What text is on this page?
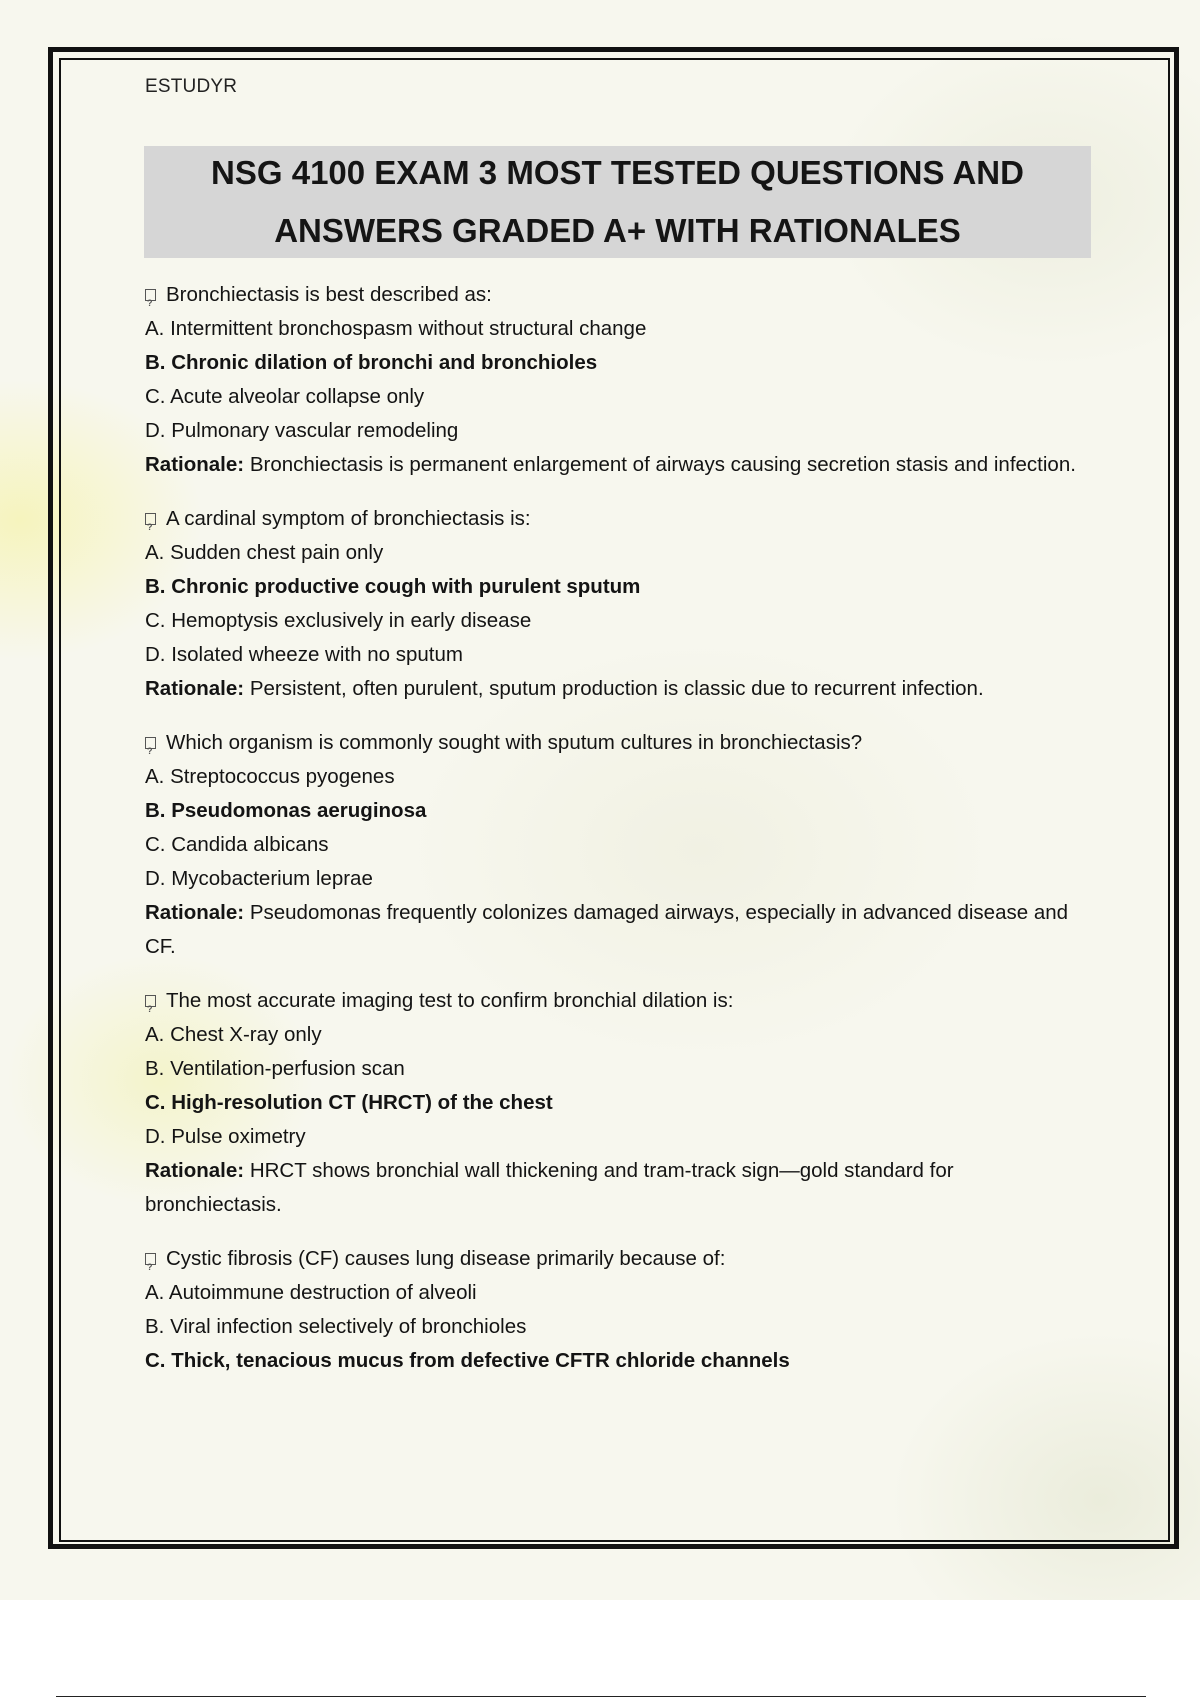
ESTUDYR
NSG 4100 EXAM 3 MOST TESTED QUESTIONS AND
ANSWERS GRADED A+ WITH RATIONALES
?
Bronchiectasis is best described as:
A. Intermittent bronchospasm without structural change
B. Chronic dilation of bronchi and bronchioles
C. Acute alveolar collapse only
D. Pulmonary vascular remodeling
Rationale: Bronchiectasis is permanent enlargement of airways causing secretion stasis and infection.
?
A cardinal symptom of bronchiectasis is:
A. Sudden chest pain only
B. Chronic productive cough with purulent sputum
C. Hemoptysis exclusively in early disease
D. Isolated wheeze with no sputum
Rationale: Persistent, often purulent, sputum production is classic due to recurrent infection.
?
Which organism is commonly sought with sputum cultures in bronchiectasis?
A. Streptococcus pyogenes
B. Pseudomonas aeruginosa
C. Candida albicans
D. Mycobacterium leprae
Rationale: Pseudomonas frequently colonizes damaged airways, especially in advanced disease and CF.
?
The most accurate imaging test to confirm bronchial dilation is:
A. Chest X-ray only
B. Ventilation-perfusion scan
C. High-resolution CT (HRCT) of the chest
D. Pulse oximetry
Rationale: HRCT shows bronchial wall thickening and tram-track sign—gold standard for bronchiectasis.
?
Cystic fibrosis (CF) causes lung disease primarily because of:
A. Autoimmune destruction of alveoli
B. Viral infection selectively of bronchioles
C. Thick, tenacious mucus from defective CFTR chloride channels
